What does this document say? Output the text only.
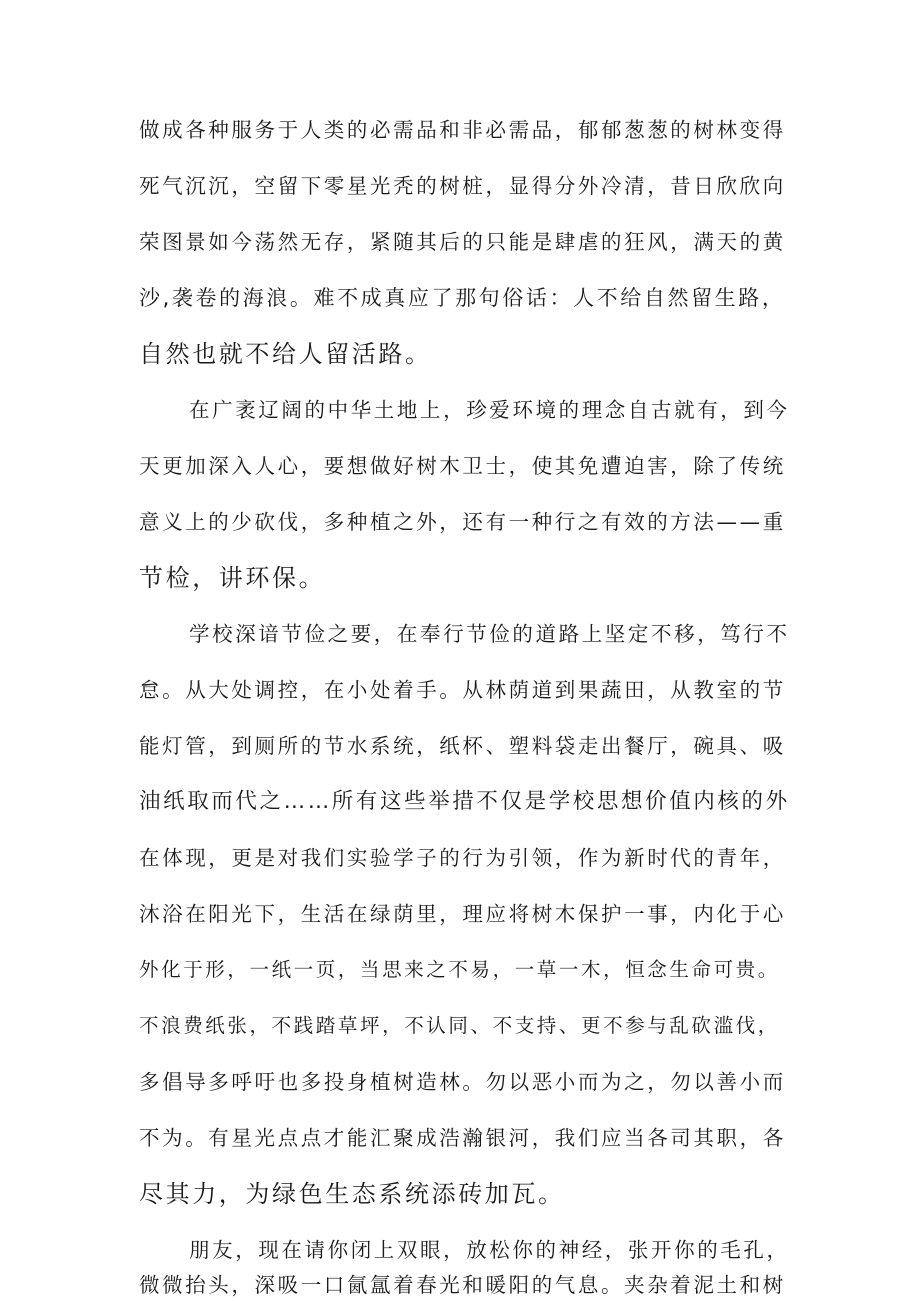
做成各种服务于人类的必需品和非必需品，郁郁葱葱的树林变得

死气沉沉，空留下零星光秃的树桩，显得分外冷清，昔日欣欣向

荣图景如今荡然无存，紧随其后的只能是肆虐的狂风，满天的黄

沙,袭卷的海浪。难不成真应了那句俗话：人不给自然留生路，

自然也就不给人留活路。

在广袤辽阔的中华土地上，珍爱环境的理念自古就有，到今

天更加深入人心，要想做好树木卫士，使其免遭迫害，除了传统

意义上的少砍伐，多种植之外，还有一种行之有效的方法——重

节检，讲环保。

学校深谙节俭之要，在奉行节俭的道路上坚定不移，笃行不

怠。从大处调控，在小处着手。从林荫道到果蔬田，从教室的节

能灯管，到厕所的节水系统，纸杯、塑料袋走出餐厅，碗具、吸

油纸取而代之……所有这些举措不仅是学校思想价值内核的外

在体现，更是对我们实验学子的行为引领，作为新时代的青年，

沐浴在阳光下，生活在绿荫里，理应将树木保护一事，内化于心

外化于形，一纸一页，当思来之不易，一草一木，恒念生命可贵。

不浪费纸张，不践踏草坪，不认同、不支持、更不参与乱砍滥伐，

多倡导多呼吁也多投身植树造林。勿以恶小而为之，勿以善小而

不为。有星光点点才能汇聚成浩瀚银河，我们应当各司其职，各

尽其力，为绿色生态系统添砖加瓦。

朋友，现在请你闭上双眼，放松你的神经，张开你的毛孔，

微微抬头，深吸一口氤氲着春光和暖阳的气息。夹杂着泥土和树
